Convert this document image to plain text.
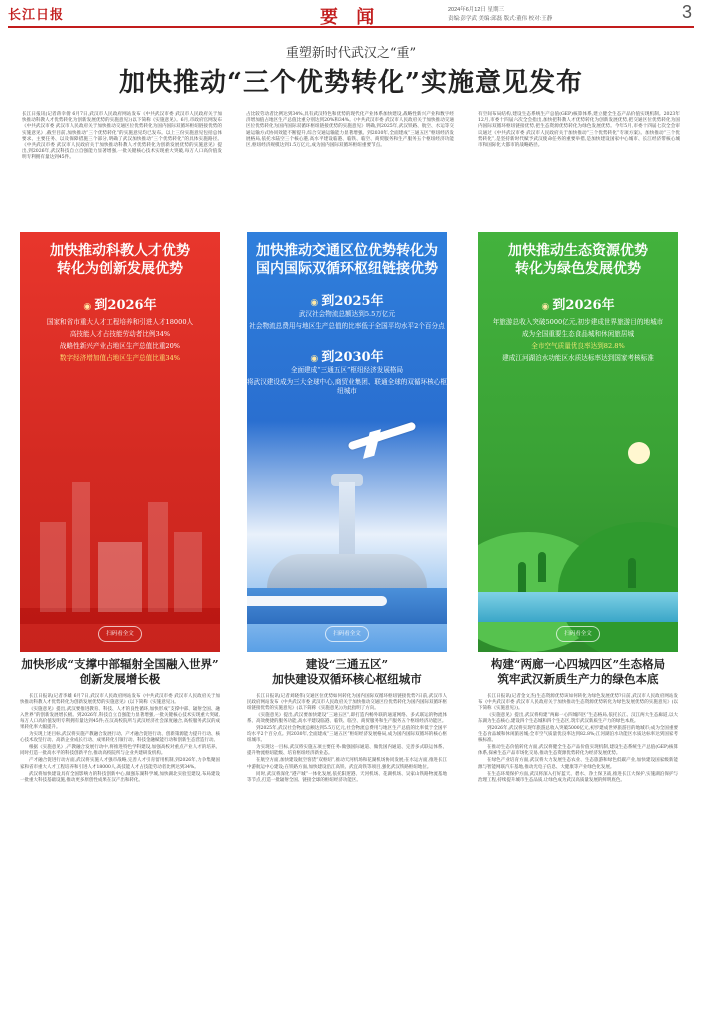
长江日报	要 闻	2024年6月12日 星期三
责编:彭学武 美编:邱磊 版式:董伟 校对:王静	3
重塑新时代武汉之“重”
加快推动“三个优势转化”实施意见发布
长江日报讯(记者蒋幸倩 6月7日,武汉市人民政府网站发布《中共武汉市委 武汉市人民政府关于加快推动科教人才优势转化为创新发展优势的实施意见》)以下简称《实施意见》。6月,市政府官网发布《中共武汉市委 武汉市人民政府关于加快推动交通区位优势转化为国内国际双循环枢纽链接优势的实施意见》,截至目前,加快推动“三个优势转化”的实施意见均已发布。以上三份实施意见包括总体要求、主要任务、以及保障措施三个部分,明确了武汉加快推动“三个优势转化”的具体实施路径。《中共武汉市委 武汉市人民政府关于加快推动科教人才优势转化为创新发展优势的实施意见》提出,到2026年,武汉科技自立自强能力显著增强,一批关键核心技术实现重大突破,每万人口高价值发明专利拥有量达到45件。
占比较劳动者比例达到34%,具有武汉特色和优势的现代化产业体系加快建设,战略性新兴产业和数字经济增加值占地区生产总值比重分别达到20%和34%。《中共武汉市委 武汉市人民政府关于加快推动交通区位优势转化为国内国际双循环枢纽链接优势的实施意见》明确,到2025年,武汉铁路、航空、水运等交通运输方式协同效能不断提升,综合交通运输能力显著增强。到2030年,全面建成“三通五区”枢纽经济发展格局,依托水陆空三个核心港,高水平建设临港、临铁、临空、商贸服务和生产服务五个枢纽经济功能区,枢纽经济规模达到1.5万亿元,成为国内国际双循环枢纽重要节点。
有空间布局结构,建设生态系统生产总值(GEP)核算体系,建立健全生态产品价值实现机制。2023年12月,市委十四届六次全会指出,加快把科教人才优势转化为创新发展优势,把交通区位优势转化为国内国际双循环枢纽链接优势,把生态资源优势转化为绿色发展优势。今年5月,市委十四届七次全会审议通过《中共武汉市委 武汉市人民政府关于加快推动“三个优势转化”专项方案》。加快推动“三个优势转化”,是坚持新时代赋予武汉使命任务的重要举措,是加快建设国家中心城市、长江经济带核心城市和国际化大都市的战略路径。
加快推动科教人才优势
转化为创新发展优势
◉ 到2026年
国家和省市重大人才工程培养和引进人才18000人
高技能人才占技能劳动者比例34%
战略性新兴产业占地区生产总值比重20%
数字经济增加值占地区生产总值比重34%
扫码看全文
加快推动交通区位优势转化为
国内国际双循环枢纽链接优势
◉ 到2025年
武汉社会物流总额达到5.5万亿元
社会物流总费用与地区生产总值的比率低于全国平均水平2个百分点
◉ 到2030年
全面建成“三通五区”枢纽经济发展格局
将武汉建设成为三大全球中心,商贸业集团、联通全球的双循环核心枢纽城市
扫码看全文
加快推动生态资源优势
转化为绿色发展优势
◉ 到2026年
年旅游总收入突破5000亿元,初步建成世界旅游目的地城市
成为全国重要生态食品城和休闲旅居城
全市空气质量优良率达到82.8%
建成江河湖泊水功能区水质达标率达到国家考核标准
扫码看全文
加快形成“支撑中部辐射全国融入世界”
创新发展增长极
建设“三通五区”
加快建设双循环核心枢纽城市
构建“两廊一心四城四区”生态格局
筑牢武汉新质生产力的绿色本底

长江日报讯(记者李雄 6月7日,武汉市人民政府网站发布《中共武汉市委 武汉市人民政府关于加快推动科教人才优势转化为创新发展优势的实施意见》(以下简称《实施意见》)。

《实施意见》提出,武汉要推进教育、科技、人才的良性循环,加快形成“支撑中部、辐射全国、融入世界”的创新发展增长极。到2026年,科技自立自强能力显著增强,一批关键核心技术实现重大突破,每万人口高价值发明专利拥有量达到45件;在汉高校院所与武汉经济社会深度融合,高校服务武汉的成果转化率大幅提升。

为实现上述目标,武汉将实施产教融合发展行动、产才融合促进行动、创新策源能力提升行动、核心技术攻坚行动、高新企业成长行动、成果转化引领行动、科技金融赋能行动和创新生态营造行动。

根据《实施意见》,产教融合发展行动中,将推进特色学科建设,加强高校对重点产业人才的培养。同时打造一批高水平的科技创新平台,推动高校院所与企业共建研发机构。

产才融合促进行动方面,武汉将实施人才强市战略,完善人才引育留用机制,到2026年,力争集聚国家和省市重大人才工程培养和引进人才18000人,高技能人才占技能劳动者比例达到34%。

武汉将加快建设具有全国影响力的科技创新中心,做强东湖科学城,加快湖北实验室建设,布局建设一批重大科技基础设施,推动更多原创性成果在汉产出和转化。

长江日报讯(记者刘晓伟)交通区位优势如何转化为国内国际双循环枢纽链接优势?日前,武汉市人民政府网站发布《中共武汉市委 武汉市人民政府关于加快推动交通区位优势转化为国内国际双循环枢纽链接优势的实施意见》(以下简称《实施意见》)为此指明了方向。

《实施意见》提出,武汉要加快建设“三通五区”,即打造内畅外联的通道网络、多式联运的物流体系、高效便捷的服务功能,高水平建设临港、临铁、临空、商贸服务和生产服务五个枢纽经济功能区。

到2025年,武汉社会物流总额达到5.5万亿元,社会物流总费用与地区生产总值的比率低于全国平均水平2个百分点。到2030年,全面建成“三通五区”枢纽经济发展格局,成为国内国际双循环的核心枢纽城市。

为实现这一目标,武汉将实施五项主要任务:做强国际通道、做优国内通道、完善多式联运体系、提升物流枢纽能级、培育枢纽经济新业态。

在航空方面,加快建设航空客货“双枢纽”,推动天河机场和花湖机场协同发展;在水运方面,推进长江中游航运中心建设;在铁路方面,加快建设沿江高铁、武宜高铁等项目,强化武汉铁路枢纽地位。

同时,武汉将深化“港产城”一体化发展,依托阳逻港、天河机场、花湖机场、吴家山铁路物流基地等节点,打造一批辐射全国、链接全球的枢纽经济功能区。

长江日报讯(记者金文杰)生态资源优势该如何转化为绿色发展优势?日前,武汉市人民政府网站发布《中共武汉市委 武汉市人民政府关于加快推动生态资源优势转化为绿色发展优势的实施意见》(以下简称《实施意见》)。

《实施意见》提出,武汉将构建“两廊一心四城四区”生态格局,依托长江、汉江两大生态廊道,以大东湖为生态核心,建设四个生态城和四个生态区,筑牢武汉新质生产力的绿色本底。

到2026年,武汉将实现年旅游总收入突破5000亿元,初步建成世界旅游目的地城市;成为全国重要生态食品城和休闲旅居城;全市空气质量优良率达到82.8%;江河湖泊水功能区水质达标率达到国家考核标准。

在推动生态价值转化方面,武汉将健全生态产品价值实现机制,建设生态系统生产总值(GEP)核算体系,探索生态产品市场化交易,推动生态资源优势转化为经济发展优势。

在绿色产业培育方面,武汉将大力发展生态农业、生态旅游和绿色低碳产业,加快建设国家级新能源与智能网联汽车基地,推动光电子信息、大健康等产业绿色化发展。

在生态环境保护方面,武汉将深入打好蓝天、碧水、净土保卫战,推进长江大保护,实施湖泊保护与治理工程,持续提升城市生态品质,让绿色成为武汉高质量发展的鲜明底色。
